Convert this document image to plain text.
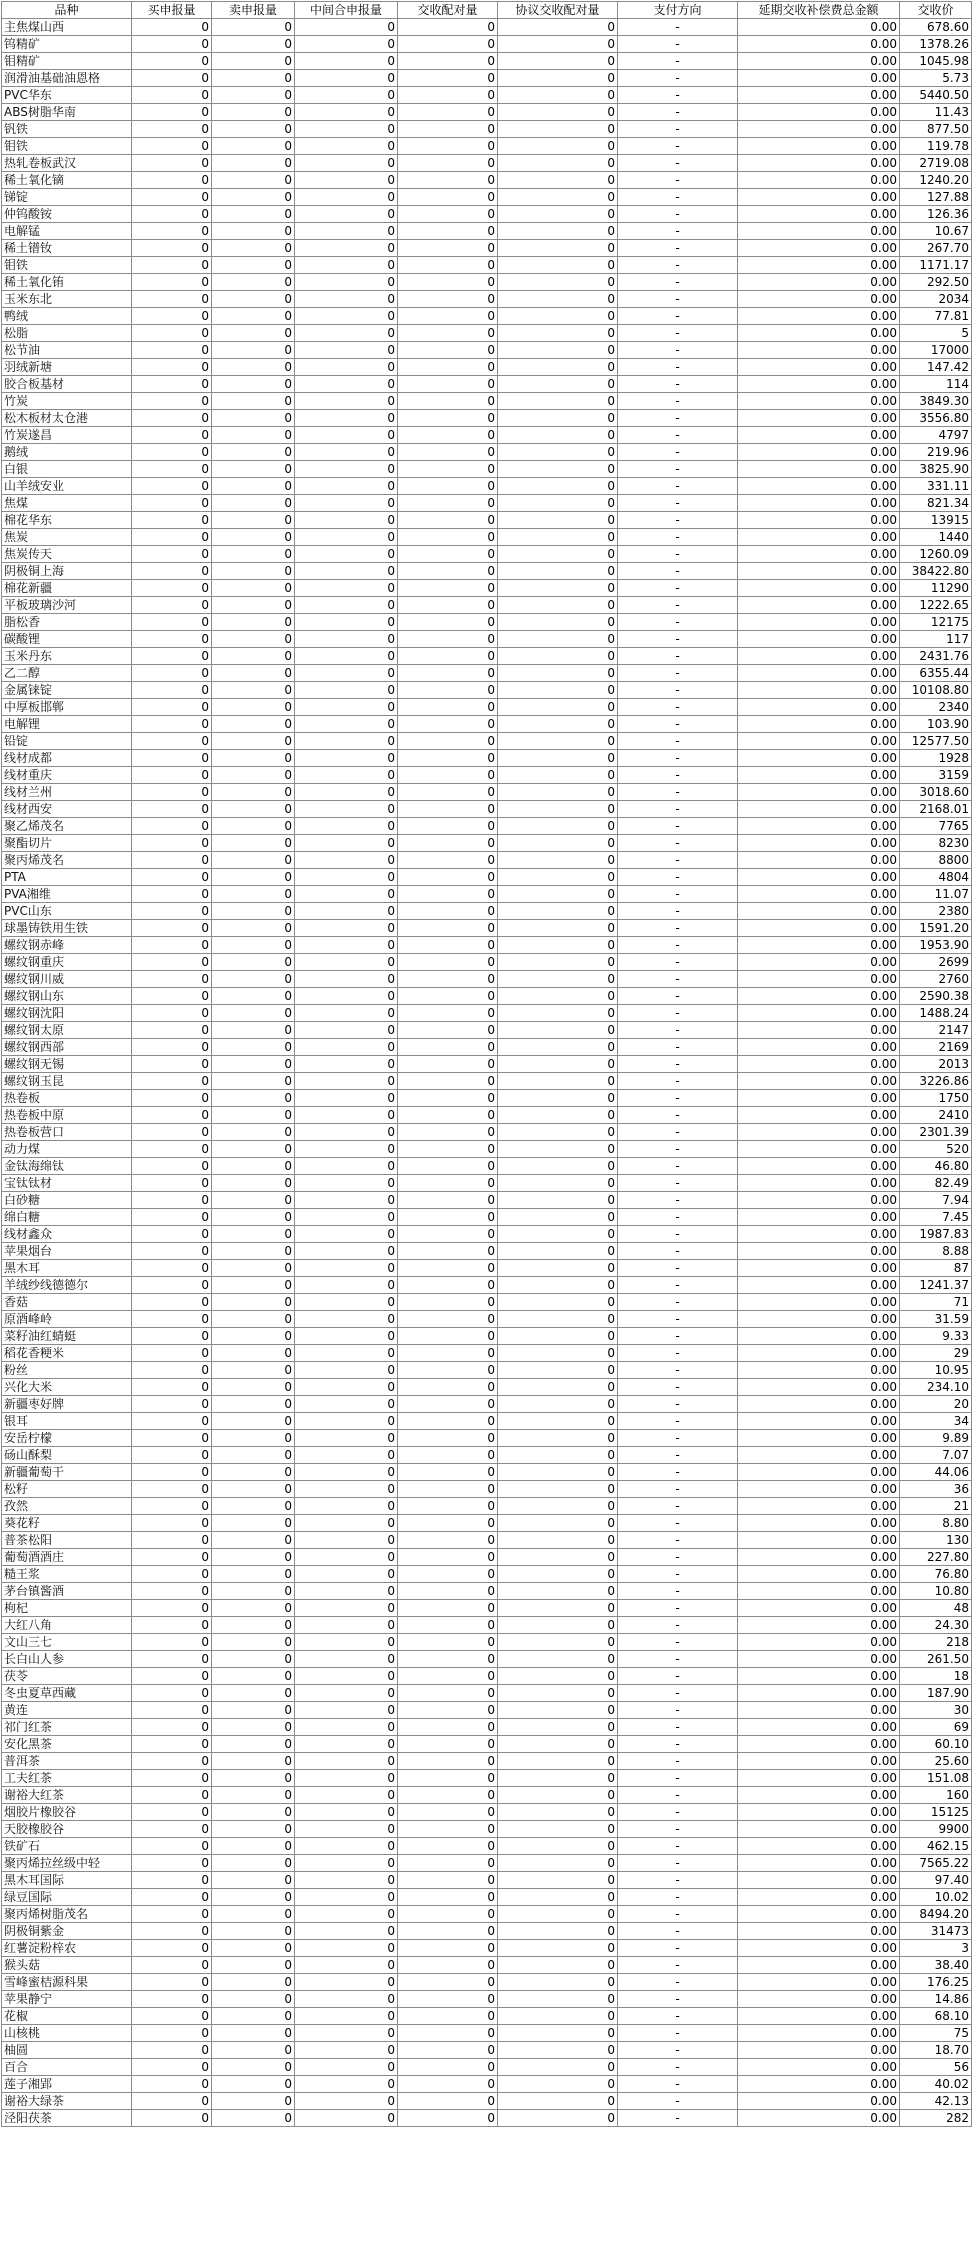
品种	买申报量	卖申报量	中间合申报量	交收配对量	协议交收配对量	支付方向	延期交收补偿费总金额	交收价
主焦煤山西	0	0	0	0	0	-	0.00	678.60
钨精矿	0	0	0	0	0	-	0.00	1378.26
钼精矿	0	0	0	0	0	-	0.00	1045.98
润滑油基础油恩格	0	0	0	0	0	-	0.00	5.73
PVC华东	0	0	0	0	0	-	0.00	5440.50
ABS树脂华南	0	0	0	0	0	-	0.00	11.43
钒铁	0	0	0	0	0	-	0.00	877.50
钼铁	0	0	0	0	0	-	0.00	119.78
热轧卷板武汉	0	0	0	0	0	-	0.00	2719.08
稀土氧化镝	0	0	0	0	0	-	0.00	1240.20
锑锭	0	0	0	0	0	-	0.00	127.88
仲钨酸铵	0	0	0	0	0	-	0.00	126.36
电解锰	0	0	0	0	0	-	0.00	10.67
稀土镨钕	0	0	0	0	0	-	0.00	267.70
钼铁	0	0	0	0	0	-	0.00	1171.17
稀土氧化铕	0	0	0	0	0	-	0.00	292.50
玉米东北	0	0	0	0	0	-	0.00	2034
鸭绒	0	0	0	0	0	-	0.00	77.81
松脂	0	0	0	0	0	-	0.00	5
松节油	0	0	0	0	0	-	0.00	17000
羽绒新塘	0	0	0	0	0	-	0.00	147.42
胶合板基材	0	0	0	0	0	-	0.00	114
竹炭	0	0	0	0	0	-	0.00	3849.30
松木板材太仓港	0	0	0	0	0	-	0.00	3556.80
竹炭遂昌	0	0	0	0	0	-	0.00	4797
鹅绒	0	0	0	0	0	-	0.00	219.96
白银	0	0	0	0	0	-	0.00	3825.90
山羊绒安业	0	0	0	0	0	-	0.00	331.11
焦煤	0	0	0	0	0	-	0.00	821.34
棉花华东	0	0	0	0	0	-	0.00	13915
焦炭	0	0	0	0	0	-	0.00	1440
焦炭传天	0	0	0	0	0	-	0.00	1260.09
阴极铜上海	0	0	0	0	0	-	0.00	38422.80
棉花新疆	0	0	0	0	0	-	0.00	11290
平板玻璃沙河	0	0	0	0	0	-	0.00	1222.65
脂松香	0	0	0	0	0	-	0.00	12175
碳酸锂	0	0	0	0	0	-	0.00	117
玉米丹东	0	0	0	0	0	-	0.00	2431.76
乙二醇	0	0	0	0	0	-	0.00	6355.44
金属铼锭	0	0	0	0	0	-	0.00	10108.80
中厚板邯郸	0	0	0	0	0	-	0.00	2340
电解锂	0	0	0	0	0	-	0.00	103.90
铅锭	0	0	0	0	0	-	0.00	12577.50
线材成都	0	0	0	0	0	-	0.00	1928
线材重庆	0	0	0	0	0	-	0.00	3159
线材兰州	0	0	0	0	0	-	0.00	3018.60
线材西安	0	0	0	0	0	-	0.00	2168.01
聚乙烯茂名	0	0	0	0	0	-	0.00	7765
聚酯切片	0	0	0	0	0	-	0.00	8230
聚丙烯茂名	0	0	0	0	0	-	0.00	8800
PTA	0	0	0	0	0	-	0.00	4804
PVA湘维	0	0	0	0	0	-	0.00	11.07
PVC山东	0	0	0	0	0	-	0.00	2380
球墨铸铁用生铁	0	0	0	0	0	-	0.00	1591.20
螺纹钢赤峰	0	0	0	0	0	-	0.00	1953.90
螺纹钢重庆	0	0	0	0	0	-	0.00	2699
螺纹钢川威	0	0	0	0	0	-	0.00	2760
螺纹钢山东	0	0	0	0	0	-	0.00	2590.38
螺纹钢沈阳	0	0	0	0	0	-	0.00	1488.24
螺纹钢太原	0	0	0	0	0	-	0.00	2147
螺纹钢西部	0	0	0	0	0	-	0.00	2169
螺纹钢无锡	0	0	0	0	0	-	0.00	2013
螺纹钢玉昆	0	0	0	0	0	-	0.00	3226.86
热卷板	0	0	0	0	0	-	0.00	1750
热卷板中原	0	0	0	0	0	-	0.00	2410
热卷板营口	0	0	0	0	0	-	0.00	2301.39
动力煤	0	0	0	0	0	-	0.00	520
金钛海绵钛	0	0	0	0	0	-	0.00	46.80
宝钛钛材	0	0	0	0	0	-	0.00	82.49
白砂糖	0	0	0	0	0	-	0.00	7.94
绵白糖	0	0	0	0	0	-	0.00	7.45
线材鑫众	0	0	0	0	0	-	0.00	1987.83
苹果烟台	0	0	0	0	0	-	0.00	8.88
黑木耳	0	0	0	0	0	-	0.00	87
羊绒纱线德德尔	0	0	0	0	0	-	0.00	1241.37
香菇	0	0	0	0	0	-	0.00	71
原酒峰岭	0	0	0	0	0	-	0.00	31.59
菜籽油红蜻蜓	0	0	0	0	0	-	0.00	9.33
稻花香粳米	0	0	0	0	0	-	0.00	29
粉丝	0	0	0	0	0	-	0.00	10.95
兴化大米	0	0	0	0	0	-	0.00	234.10
新疆枣好牌	0	0	0	0	0	-	0.00	20
银耳	0	0	0	0	0	-	0.00	34
安岳柠檬	0	0	0	0	0	-	0.00	9.89
砀山酥梨	0	0	0	0	0	-	0.00	7.07
新疆葡萄干	0	0	0	0	0	-	0.00	44.06
松籽	0	0	0	0	0	-	0.00	36
孜然	0	0	0	0	0	-	0.00	21
葵花籽	0	0	0	0	0	-	0.00	8.80
普茶松阳	0	0	0	0	0	-	0.00	130
葡萄酒酒庄	0	0	0	0	0	-	0.00	227.80
糙王浆	0	0	0	0	0	-	0.00	76.80
茅台镇酱酒	0	0	0	0	0	-	0.00	10.80
枸杞	0	0	0	0	0	-	0.00	48
大红八角	0	0	0	0	0	-	0.00	24.30
文山三七	0	0	0	0	0	-	0.00	218
长白山人参	0	0	0	0	0	-	0.00	261.50
茯苓	0	0	0	0	0	-	0.00	18
冬虫夏草西藏	0	0	0	0	0	-	0.00	187.90
黄连	0	0	0	0	0	-	0.00	30
祁门红茶	0	0	0	0	0	-	0.00	69
安化黑茶	0	0	0	0	0	-	0.00	60.10
普洱茶	0	0	0	0	0	-	0.00	25.60
工夫红茶	0	0	0	0	0	-	0.00	151.08
谢裕大红茶	0	0	0	0	0	-	0.00	160
烟胶片橡胶谷	0	0	0	0	0	-	0.00	15125
天胶橡胶谷	0	0	0	0	0	-	0.00	9900
铁矿石	0	0	0	0	0	-	0.00	462.15
聚丙烯拉丝级中轻	0	0	0	0	0	-	0.00	7565.22
黑木耳国际	0	0	0	0	0	-	0.00	97.40
绿豆国际	0	0	0	0	0	-	0.00	10.02
聚丙烯树脂茂名	0	0	0	0	0	-	0.00	8494.20
阴极铜紫金	0	0	0	0	0	-	0.00	31473
红薯淀粉梓农	0	0	0	0	0	-	0.00	3
猴头菇	0	0	0	0	0	-	0.00	38.40
雪峰蜜桔源科果	0	0	0	0	0	-	0.00	176.25
苹果静宁	0	0	0	0	0	-	0.00	14.86
花椒	0	0	0	0	0	-	0.00	68.10
山核桃	0	0	0	0	0	-	0.00	75
柚圆	0	0	0	0	0	-	0.00	18.70
百合	0	0	0	0	0	-	0.00	56
莲子湘郢	0	0	0	0	0	-	0.00	40.02
谢裕大绿茶	0	0	0	0	0	-	0.00	42.13
泾阳茯茶	0	0	0	0	0	-	0.00	282
